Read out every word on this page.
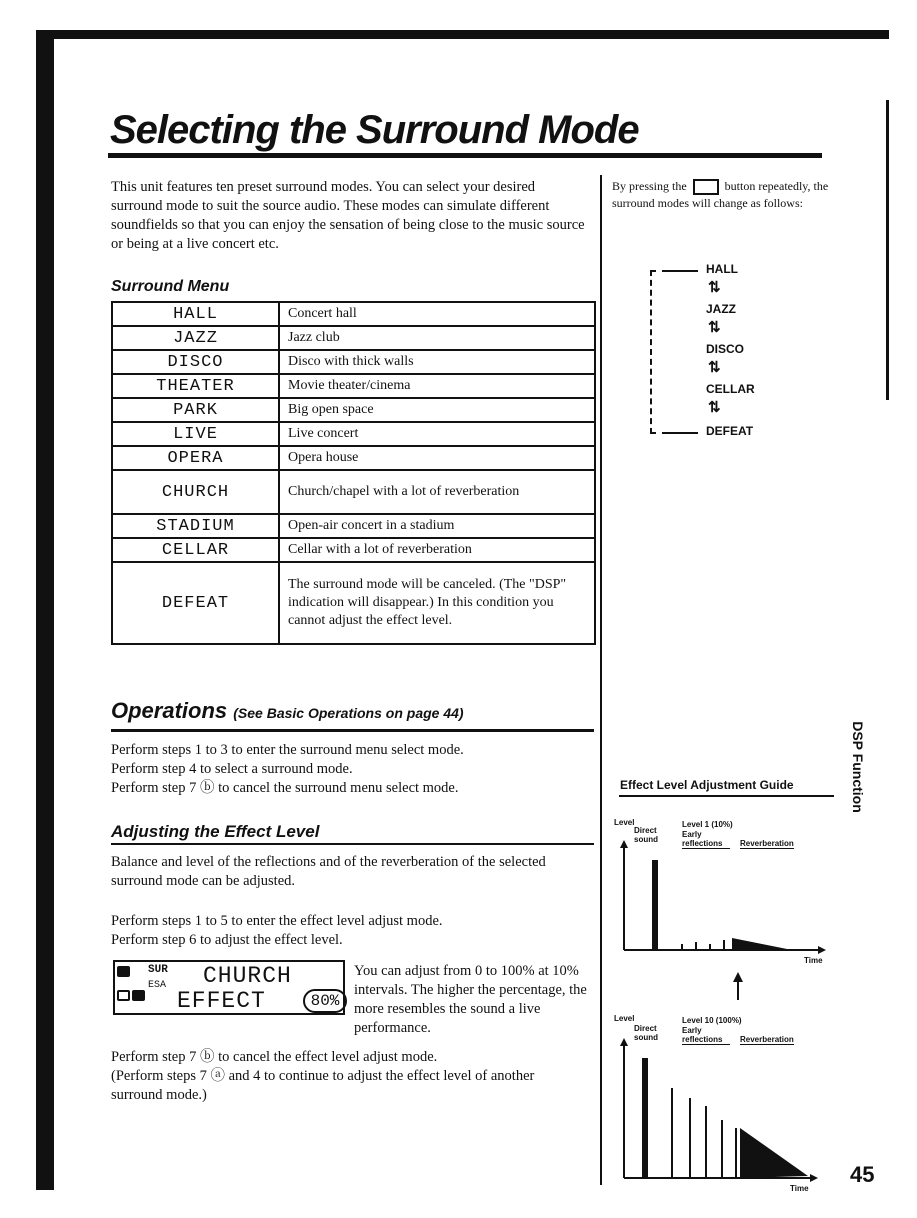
Selecting the Surround Mode

This unit features ten preset surround modes. You can select your desired surround mode to suit the source audio. These modes can simulate different soundfields so that you can enjoy the sensation of being close to the music source or being at a live concert etc.

Surround Menu
HALL	Concert hall
JAZZ	Jazz club
DISCO	Disco with thick walls
THEATER	Movie theater/cinema
PARK	Big open space
LIVE	Live concert
OPERA	Opera house
CHURCH	Church/chapel with a lot of reverberation
STADIUM	Open-air concert in a stadium
CELLAR	Cellar with a lot of reverberation
DEFEAT	The surround mode will be canceled. (The "DSP" indication will disappear.) In this condition you cannot adjust the effect level.
Operations (See Basic Operations on page 44)
Perform steps 1 to 3 to enter the surround menu select mode.
Perform step 4 to select a surround mode.
Perform step 7 ⓑ to cancel the surround menu select mode.
Adjusting the Effect Level

Balance and level of the reflections and of the reverberation of the selected surround mode can be adjusted.

Perform steps 1 to 5 to enter the effect level adjust mode.
Perform step 6 to adjust the effect level.
SUR
ESA CHURCH
EFFECT	80%

You can adjust from 0 to 100% at 10% intervals. The higher the percentage, the more resembles the sound a live performance.

Perform step 7 ⓑ to cancel the effect level adjust mode.
(Perform steps 7 ⓐ and 4 to continue to adjust the effect level of another surround mode.)
By pressing the	button repeatedly, the surround modes will change as follows:
HALL
⇅
JAZZ
⇅
DISCO
⇅
CELLAR
⇅
DEFEAT
DSP Function
Effect Level Adjustment Guide
Level
Direct sound
Level 1 (10%)
Early reflections	Reverberation
Time
Level
Direct sound
Level 10 (100%)
Early reflections	Reverberation
Time
45
